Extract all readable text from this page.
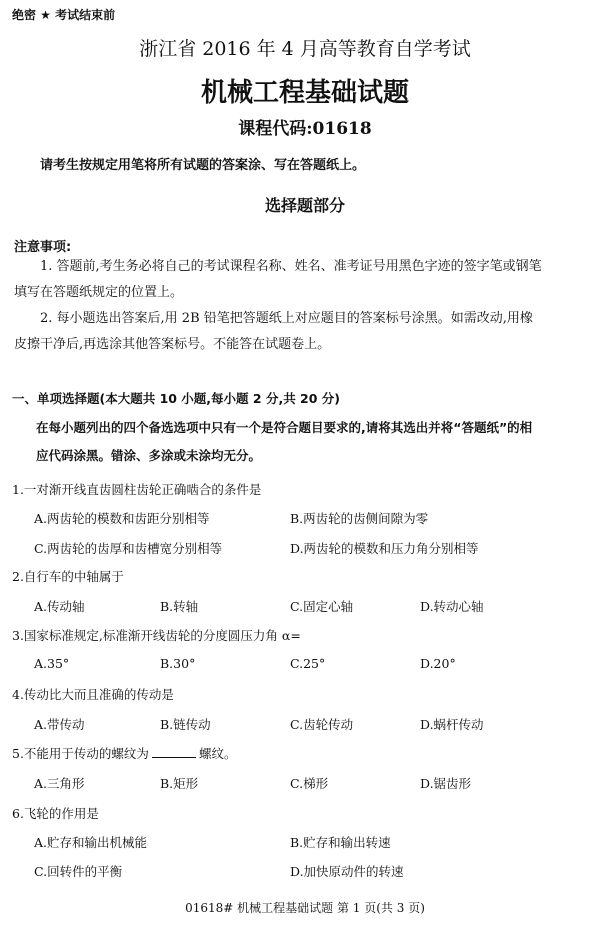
绝密 ★ 考试结束前
浙江省 2016 年 4 月高等教育自学考试
机械工程基础试题
课程代码:01618
请考生按规定用笔将所有试题的答案涂、写在答题纸上。
选择题部分
注意事项:
1. 答题前,考生务必将自己的考试课程名称、姓名、准考证号用黑色字迹的签字笔或钢笔
填写在答题纸规定的位置上。
2. 每小题选出答案后,用 2B 铅笔把答题纸上对应题目的答案标号涂黑。如需改动,用橡
皮擦干净后,再选涂其他答案标号。不能答在试题卷上。
一、单项选择题(本大题共 10 小题,每小题 2 分,共 20 分)
在每小题列出的四个备选选项中只有一个是符合题目要求的,请将其选出并将“答题纸”的相
应代码涂黑。错涂、多涂或未涂均无分。
1.一对渐开线直齿圆柱齿轮正确啮合的条件是
A.两齿轮的模数和齿距分别相等	B.两齿轮的齿侧间隙为零
C.两齿轮的齿厚和齿槽宽分别相等	D.两齿轮的模数和压力角分别相等
2.自行车的中轴属于
A.传动轴	B.转轴	C.固定心轴	D.转动心轴
3.国家标准规定,标准渐开线齿轮的分度圆压力角 α=
A.35°	B.30°	C.25°	D.20°
4.传动比大而且准确的传动是
A.带传动	B.链传动	C.齿轮传动	D.蜗杆传动
5.不能用于传动的螺纹为	螺纹。
A.三角形	B.矩形	C.梯形	D.锯齿形
6.飞轮的作用是
A.贮存和输出机械能	B.贮存和输出转速
C.回转件的平衡	D.加快原动件的转速
01618# 机械工程基础试题 第 1 页(共 3 页)
